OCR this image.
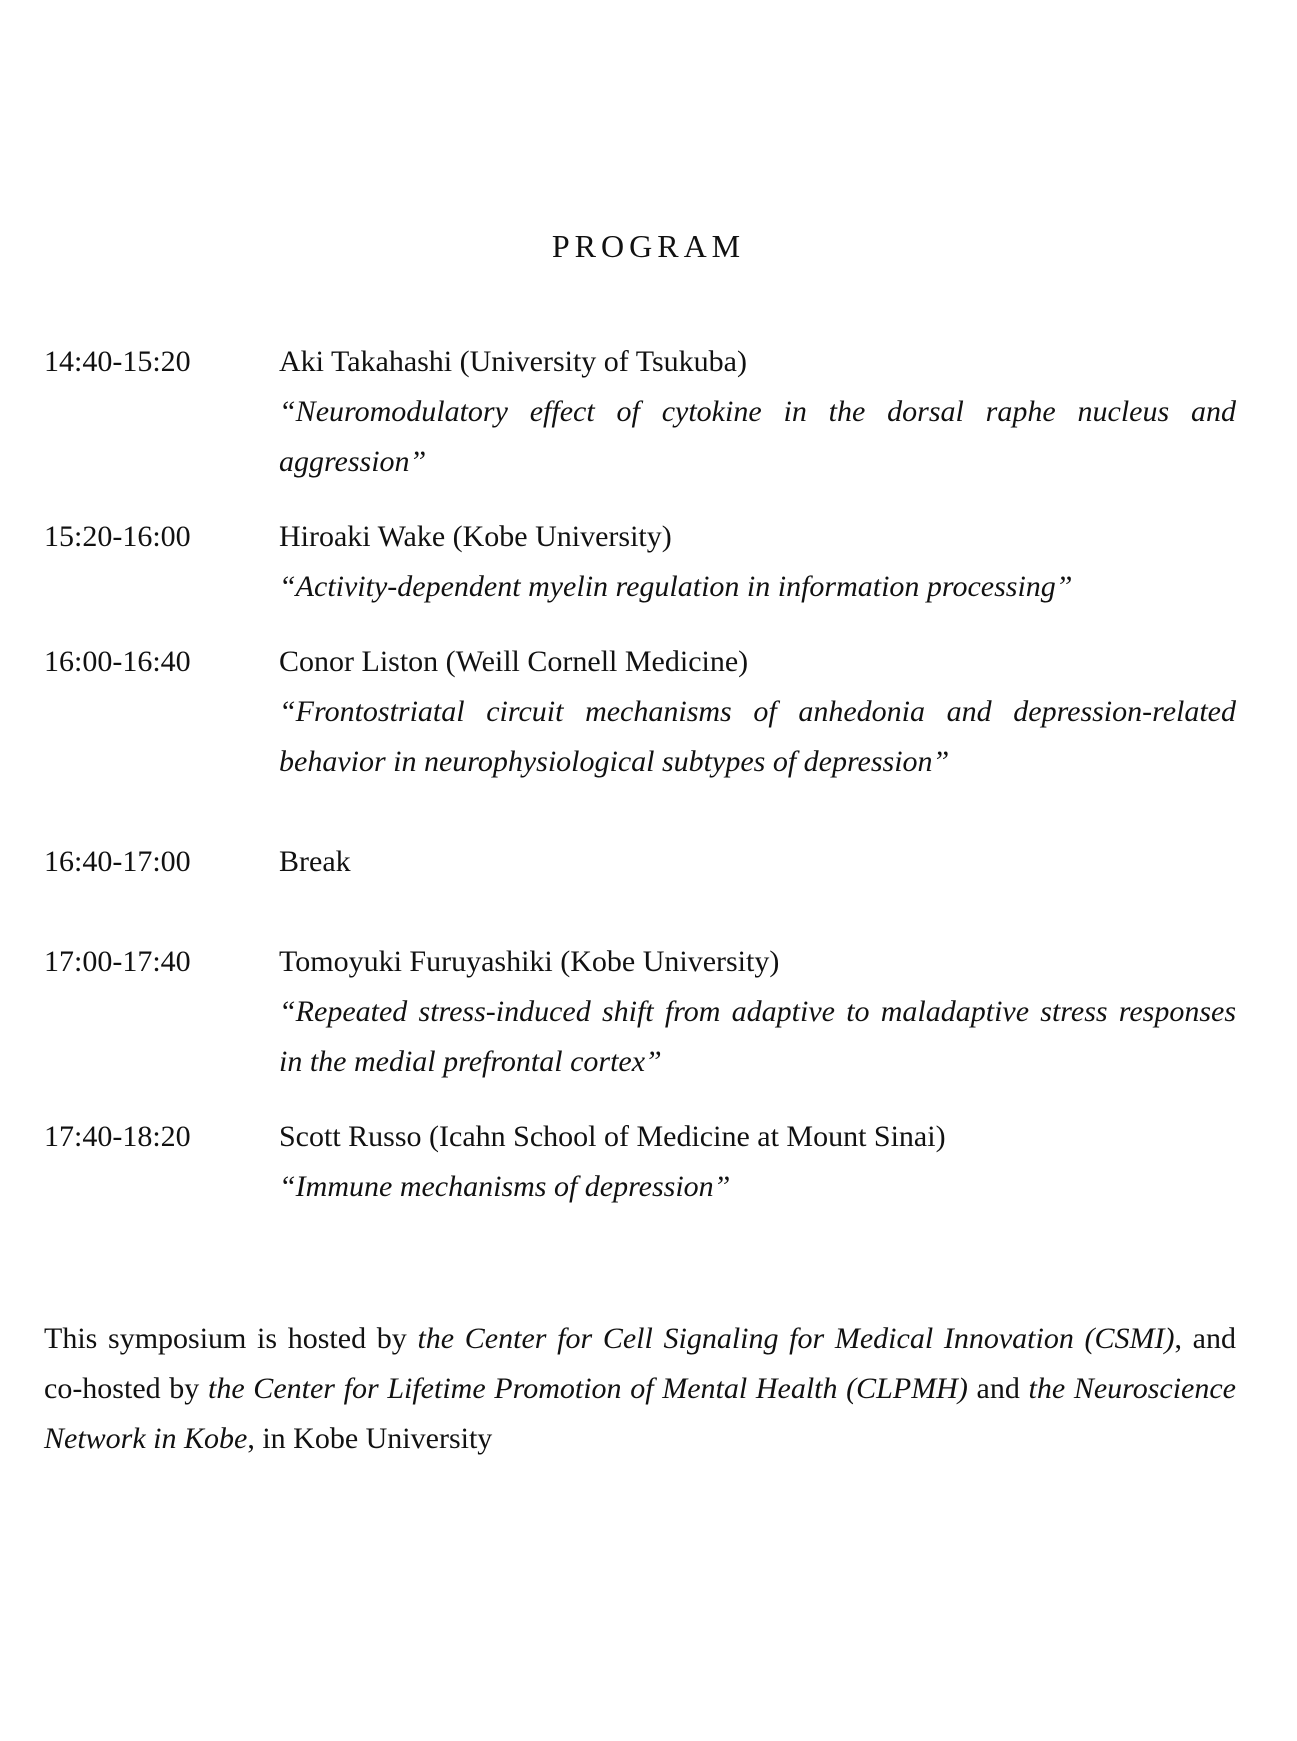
PROGRAM
14:40-15:20	Aki Takahashi (University of Tsukuba)
“Neuromodulatory effect of cytokine in the dorsal raphe nucleus and aggression”
15:20-16:00	Hiroaki Wake (Kobe University)
“Activity-dependent myelin regulation in information processing”
16:00-16:40	Conor Liston (Weill Cornell Medicine)
“Frontostriatal circuit mechanisms of anhedonia and depression-related behavior in neurophysiological subtypes of depression”
16:40-17:00	Break
17:00-17:40	Tomoyuki Furuyashiki (Kobe University)
“Repeated stress-induced shift from adaptive to maladaptive stress responses in the medial prefrontal cortex”
17:40-18:20	Scott Russo (Icahn School of Medicine at Mount Sinai)
“Immune mechanisms of depression”
This symposium is hosted by the Center for Cell Signaling for Medical Innovation (CSMI), and co-hosted by the Center for Lifetime Promotion of Mental Health (CLPMH) and the Neuroscience Network in Kobe, in Kobe University
